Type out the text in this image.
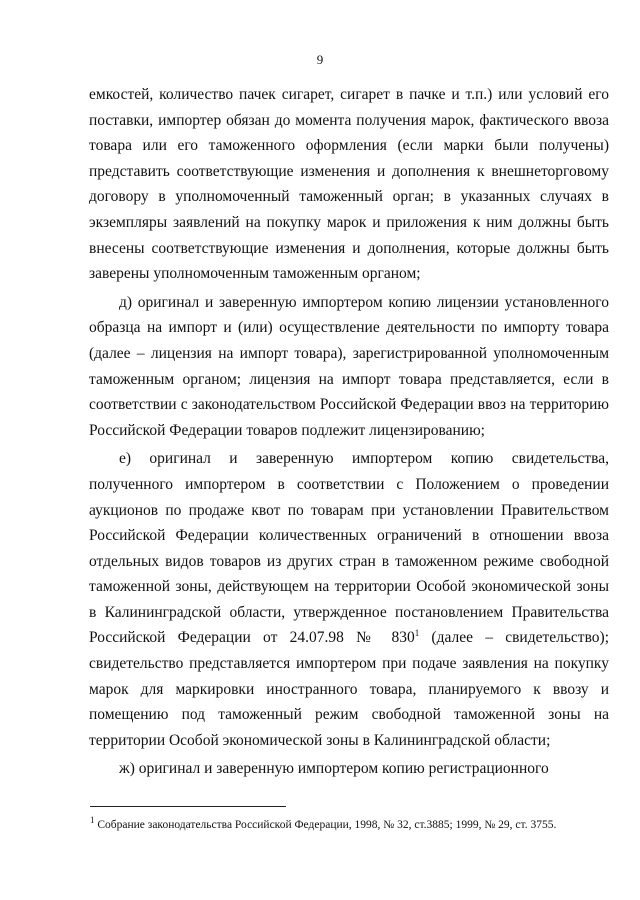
9

емкостей, количество пачек сигарет, сигарет в пачке и т.п.) или условий его поставки, импортер обязан до момента получения марок, фактического ввоза товара или его таможенного оформления (если марки были получены) представить соответствующие изменения и дополнения к внешнеторговому договору в уполномоченный таможенный орган; в указанных случаях в экземпляры заявлений на покупку марок и приложения к ним должны быть внесены соответствующие изменения и дополнения, которые должны быть заверены уполномоченным таможенным органом;

д) оригинал и заверенную импортером копию лицензии установленного образца на импорт и (или) осуществление деятельности по импорту товара (далее – лицензия на импорт товара), зарегистрированной уполномоченным таможенным органом; лицензия на импорт товара представляется, если в соответствии с законодательством Российской Федерации ввоз на территорию Российской Федерации товаров подлежит лицензированию;

е) оригинал и заверенную импортером копию свидетельства, полученного импортером в соответствии с Положением о проведении аукционов по продаже квот по товарам при установлении Правительством Российской Федерации количественных ограничений в отношении ввоза отдельных видов товаров из других стран в таможенном режиме свободной таможенной зоны, действующем на территории Особой экономической зоны в Калининградской области, утвержденное постановлением Правительства Российской Федерации от 24.07.98 № $830^1$ (далее – свидетельство); свидетельство представляется импортером при подаче заявления на покупку марок для маркировки иностранного товара, планируемого к ввозу и помещению под таможенный режим свободной таможенной зоны на территории Особой экономической зоны в Калининградской области;

ж) оригинал и заверенную импортером копию регистрационного

$^1$ Собрание законодательства Российской Федерации, 1998, № 32, ст.3885; 1999, № 29, ст. 3755.
